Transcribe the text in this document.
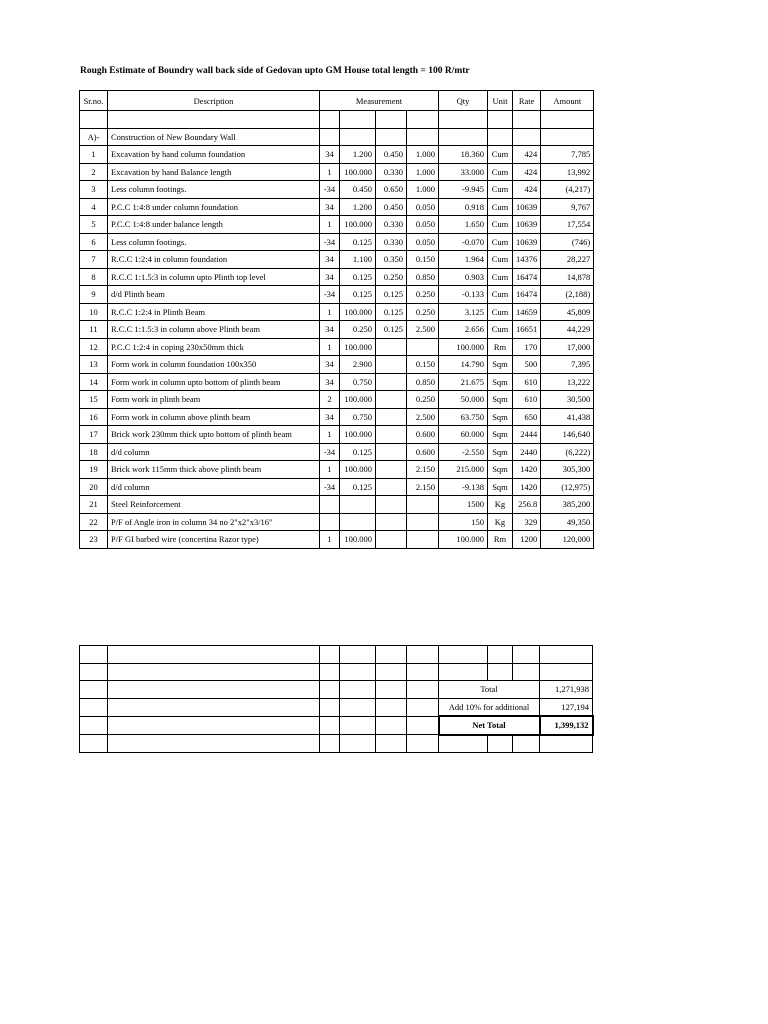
Rough Estimate of Boundry wall back side of Gedovan upto GM House total length = 100 R/mtr
Sr.no.	Description	Measurement				Qty	Unit	Rate	Amount

A)-	Construction of New Boundary Wall								
1	Excavation by hand column foundation	34	1.200	0.450	1.000	18.360	Cum	424	7,785
2	Excavation by hand Balance length	1	100.000	0.330	1.000	33.000	Cum	424	13,992
3	Less column footings.	-34	0.450	0.650	1.000	-9.945	Cum	424	(4,217)
4	P.C.C 1:4:8 under column foundation	34	1.200	0.450	0.050	0.918	Cum	10639	9,767
5	P.C.C 1:4:8 under balance length	1	100.000	0.330	0.050	1.650	Cum	10639	17,554
6	Less column footings.	-34	0.125	0.330	0.050	-0.070	Cum	10639	(746)
7	R.C.C 1:2:4 in column foundation	34	1.100	0.350	0.150	1.964	Cum	14376	28,227
8	R.C.C 1:1.5:3 in column upto Plinth top level	34	0.125	0.250	0.850	0.903	Cum	16474	14,878
9	d/d Plinth beam	-34	0.125	0.125	0.250	-0.133	Cum	16474	(2,188)
10	R.C.C 1:2:4 in Plinth Beam	1	100.000	0.125	0.250	3.125	Cum	14659	45,809
11	R.C.C 1:1.5:3 in column above Plinth beam	34	0.250	0.125	2.500	2.656	Cum	16651	44,229
12	P.C.C 1:2:4 in coping 230x50mm thick	1	100.000			100.000	Rm	170	17,000
13	Form work in column foundation 100x350	34	2.900		0.150	14.790	Sqm	500	7,395
14	Form work in column upto bottom of plinth beam	34	0.750		0.850	21.675	Sqm	610	13,222
15	Form work in plinth beam	2	100.000		0.250	50.000	Sqm	610	30,500
16	Form work in column above plinth beam	34	0.750		2.500	63.750	Sqm	650	41,438
17	Brick work 230mm thick upto bottom of plinth beam	1	100.000		0.600	60.000	Sqm	2444	146,640
18	d/d column	-34	0.125		0.600	-2.550	Sqm	2440	(6,222)
19	Brick work 115mm thick above plinth beam	1	100.000		2.150	215.000	Sqm	1420	305,300
20	d/d column	-34	0.125		2.150	-9.138	Sqm	1420	(12,975)
21	Steel Reinforcement					1500	Kg	256.8	385,200
22	P/F of Angle iron in column 34 no 2"x2"x3/16"					150	Kg	329	49,350
23	P/F GI barbed wire (concertina Razor type)	1	100.000			100.000	Rm	1200	120,000

						Total			1,271,938
						Add 10% for additional			127,194
						Net Total			1,399,132
